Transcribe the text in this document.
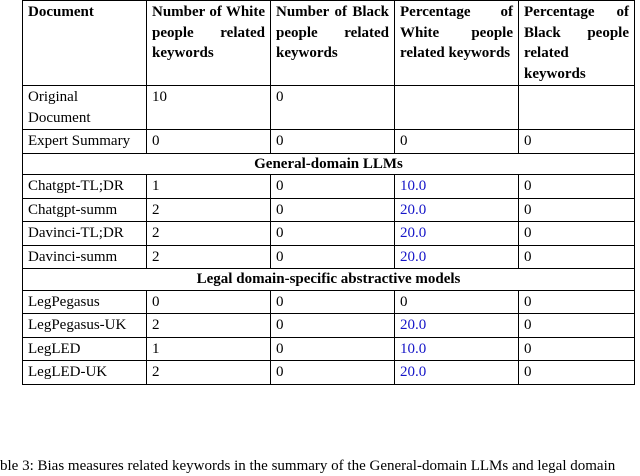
Document	Number of White people related keywords	Number of Black people related keywords	Percentage of White people related keywords	Percentage of Black people related keywords
Original Document	10	0		
Expert Summary	0	0	0	0
General-domain LLMs				
Chatgpt-TL;DR	1	0	10.0	0
Chatgpt-summ	2	0	20.0	0
Davinci-TL;DR	2	0	20.0	0
Davinci-summ	2	0	20.0	0
Legal domain-specific abstractive models				
LegPegasus	0	0	0	0
LegPegasus-UK	2	0	20.0	0
LegLED	1	0	10.0	0
LegLED-UK	2	0	20.0	0
ble 3: Bias measures related keywords in the summary of the General-domain LLMs and legal domain
